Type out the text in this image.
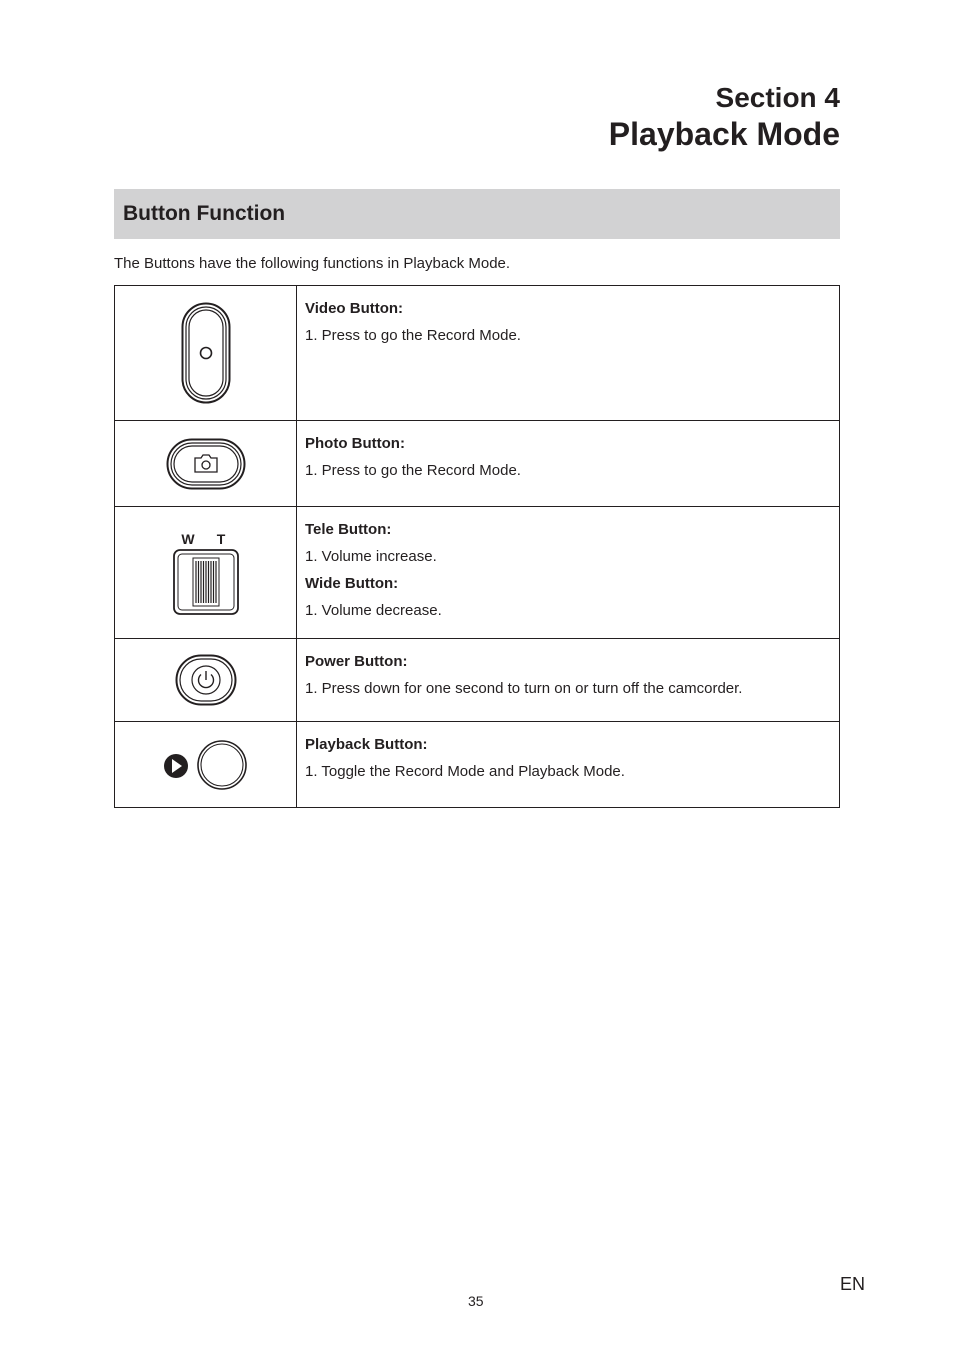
Section 4
Playback Mode
Button Function
The Buttons have the following functions in Playback Mode.

Video Button:
1. Press to go the Record Mode.

Photo Button:
1. Press to go the Record Mode.

W T	Tele Button:
1. Volume increase.
Wide Button:
1. Volume decrease.

Power Button:
1. Press down for one second to turn on or turn off the camcorder.

Playback Button:
1. Toggle the Record Mode and Playback Mode.
EN
35
